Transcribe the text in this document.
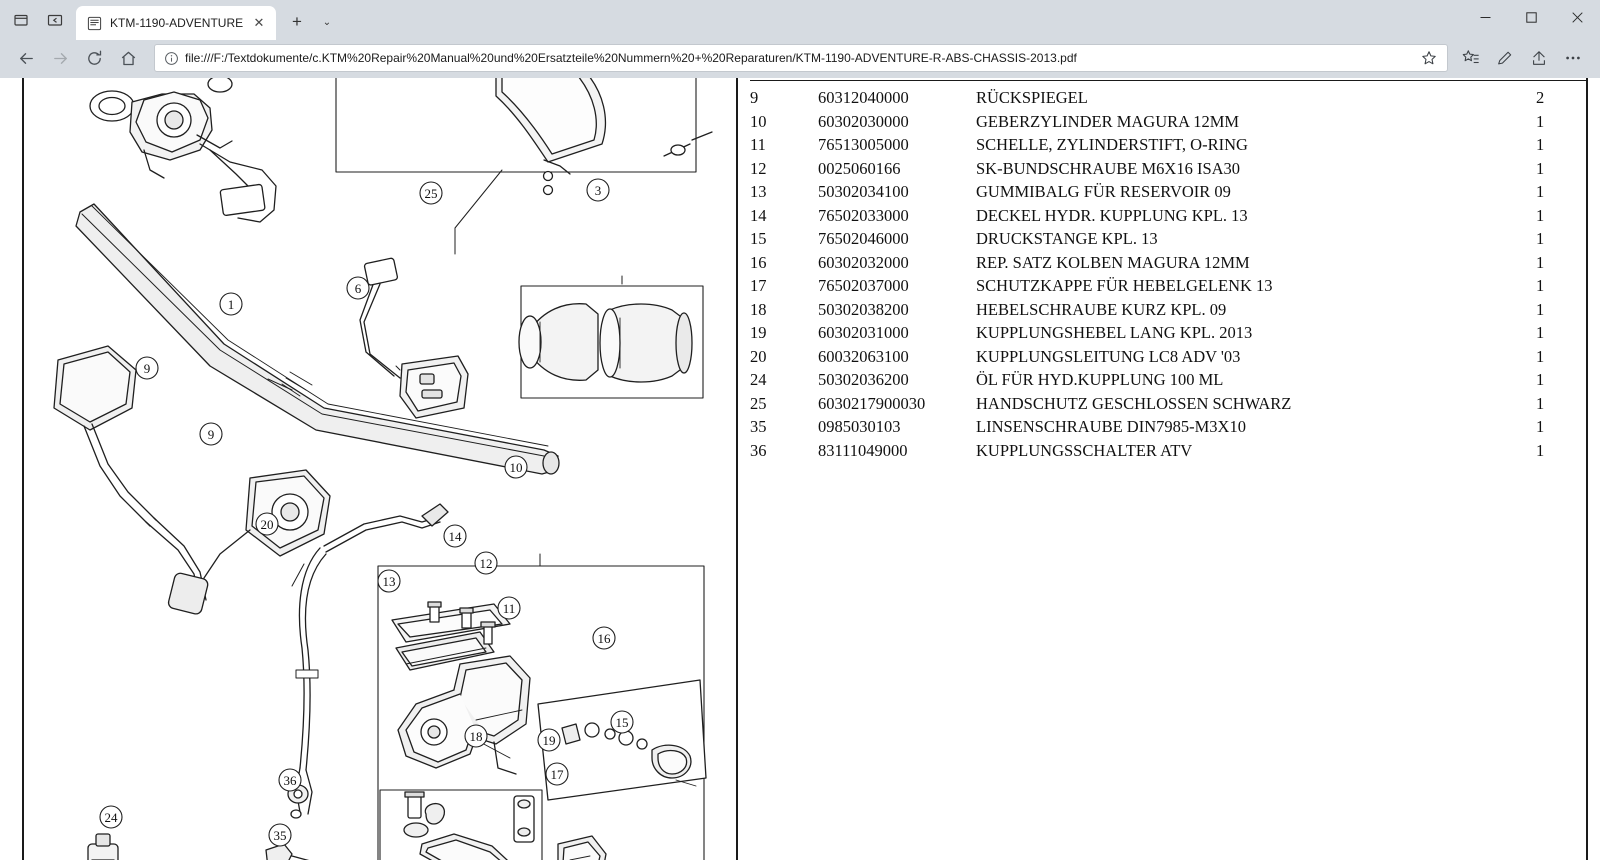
KTM-1190-ADVENTURE ✕	+	⌄
file:///F:/Textdokumente/c.KTM%20Repair%20Manual%20und%20Ersatzteile%20Nummern%20+%20Reparaturen/KTM-1190-ADVENTURE-R-ABS-CHASSIS-2013.pdf
25	3
6
1
9
9
10
20
14
12
13
11
16
15
18	19
17
36
24
35
9	60312040000	RÜCKSPIEGEL	2
10	60302030000	GEBERZYLINDER MAGURA 12MM	1
11	76513005000	SCHELLE, ZYLINDERSTIFT, O-RING	1
12	0025060166	SK-BUNDSCHRAUBE M6X16 ISA30	1
13	50302034100	GUMMIBALG FÜR RESERVOIR 09	1
14	76502033000	DECKEL HYDR. KUPPLUNG KPL. 13	1
15	76502046000	DRUCKSTANGE KPL. 13	1
16	60302032000	REP. SATZ KOLBEN MAGURA 12MM	1
17	76502037000	SCHUTZKAPPE FÜR HEBELGELENK 13	1
18	50302038200	HEBELSCHRAUBE KURZ KPL. 09	1
19	60302031000	KUPPLUNGSHEBEL LANG KPL. 2013	1
20	60032063100	KUPPLUNGSLEITUNG LC8 ADV '03	1
24	50302036200	ÖL FÜR HYD.KUPPLUNG 100 ML	1
25	6030217900030	HANDSCHUTZ GESCHLOSSEN SCHWARZ	1
35	0985030103	LINSENSCHRAUBE DIN7985-M3X10	1
36	83111049000	KUPPLUNGSSCHALTER ATV	1
